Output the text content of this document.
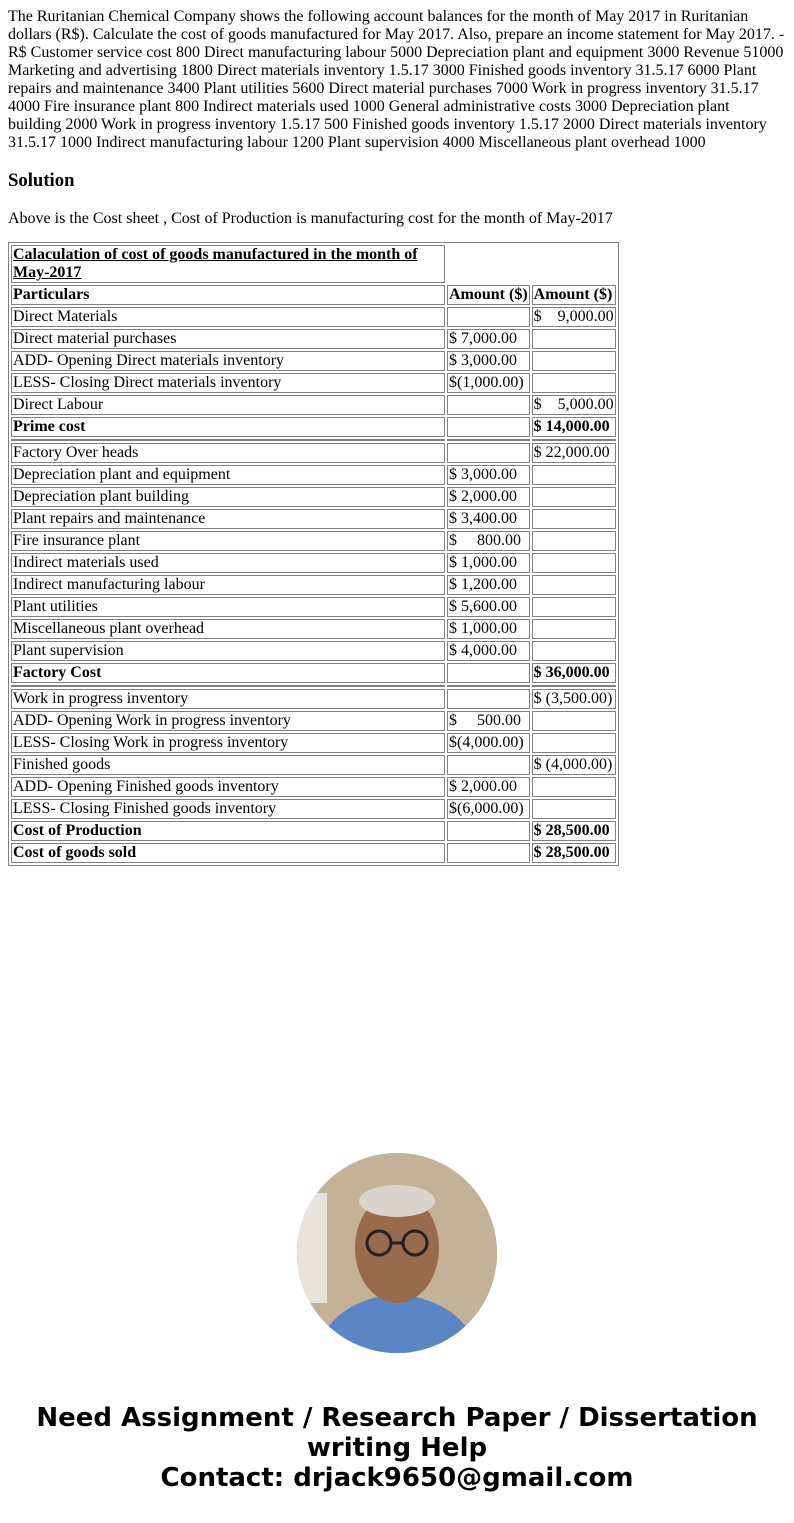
The Ruritanian Chemical Company shows the following account balances for the month of May 2017 in Ruritanian dollars (R$). Calculate the cost of goods manufactured for May 2017. Also, prepare an income statement for May 2017. - R$ Customer service cost 800 Direct manufacturing labour 5000 Depreciation plant and equipment 3000 Revenue 51000 Marketing and advertising 1800 Direct materials inventory 1.5.17 3000 Finished goods inventory 31.5.17 6000 Plant repairs and maintenance 3400 Plant utilities 5600 Direct material purchases 7000 Work in progress inventory 31.5.17 4000 Fire insurance plant 800 Indirect materials used 1000 General administrative costs 3000 Depreciation plant building 2000 Work in progress inventory 1.5.17 500 Finished goods inventory 1.5.17 2000 Direct materials inventory 31.5.17 1000 Indirect manufacturing labour 1200 Plant supervision 4000 Miscellaneous plant overhead 1000

Solution

Above is the Cost sheet , Cost of Production is manufacturing cost for the month of May-2017

Calaculation of cost of goods manufactured in the month of May-2017		
Particulars	Amount ($)	Amount ($)
Direct Materials		$    9,000.00
Direct material purchases	$ 7,000.00	
ADD- Opening Direct materials inventory	$ 3,000.00	
LESS- Closing Direct materials inventory	$(1,000.00)	
Direct Labour		$    5,000.00
Prime cost		$ 14,000.00

Factory Over heads		$ 22,000.00
Depreciation plant and equipment	$ 3,000.00	
Depreciation plant building	$ 2,000.00	
Plant repairs and maintenance	$ 3,400.00	
Fire insurance plant	$     800.00	
Indirect materials used	$ 1,000.00	
Indirect manufacturing labour	$ 1,200.00	
Plant utilities	$ 5,600.00	
Miscellaneous plant overhead	$ 1,000.00	
Plant supervision	$ 4,000.00	
Factory Cost		$ 36,000.00

Work in progress inventory		$ (3,500.00)
ADD- Opening Work in progress inventory	$     500.00	
LESS- Closing Work in progress inventory	$(4,000.00)	
Finished goods		$ (4,000.00)
ADD- Opening Finished goods inventory	$ 2,000.00	
LESS- Closing Finished goods inventory	$(6,000.00)	
Cost of Production		$ 28,500.00
Cost of goods sold		$ 28,500.00
Need Assignment / Research Paper / Dissertation
writing Help
Contact: drjack9650@gmail.com
